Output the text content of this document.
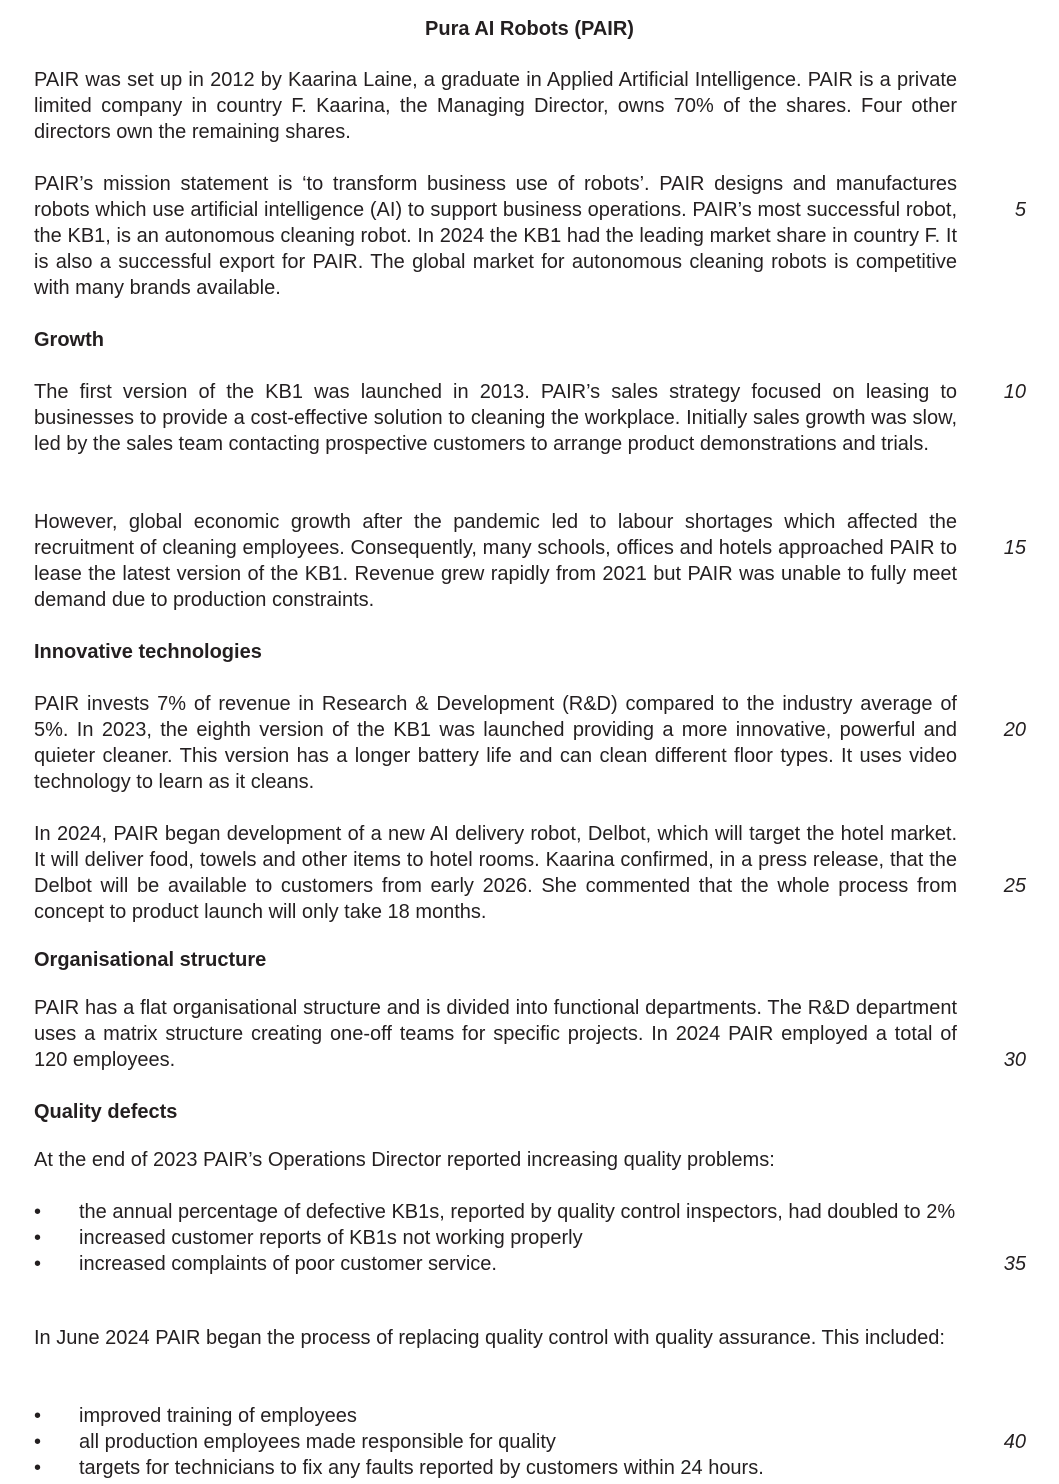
Pura AI Robots (PAIR)

PAIR was set up in 2012 by Kaarina Laine, a graduate in Applied Artificial Intelligence. PAIR is a private limited company in country F. Kaarina, the Managing Director, owns 70% of the shares. Four other directors own the remaining shares.

PAIR’s mission statement is ‘to transform business use of robots’. PAIR designs and manufactures robots which use artificial intelligence (AI) to support business operations. PAIR’s most successful robot, the KB1, is an autonomous cleaning robot. In 2024 the KB1 had the leading market share in country F. It is also a successful export for PAIR. The global market for autonomous cleaning robots is competitive with many brands available.

5
Growth

The first version of the KB1 was launched in 2013. PAIR’s sales strategy focused on leasing to businesses to provide a cost-effective solution to cleaning the workplace. Initially sales growth was slow, led by the sales team contacting prospective customers to arrange product demonstrations and trials.

10

However, global economic growth after the pandemic led to labour shortages which affected the recruitment of cleaning employees. Consequently, many schools, offices and hotels approached PAIR to lease the latest version of the KB1. Revenue grew rapidly from 2021 but PAIR was unable to fully meet demand due to production constraints.

15
Innovative technologies

PAIR invests 7% of revenue in Research & Development (R&D) compared to the industry average of 5%. In 2023, the eighth version of the KB1 was launched providing a more innovative, powerful and quieter cleaner. This version has a longer battery life and can clean different floor types. It uses video technology to learn as it cleans.

20

In 2024, PAIR began development of a new AI delivery robot, Delbot, which will target the hotel market. It will deliver food, towels and other items to hotel rooms. Kaarina confirmed, in a press release, that the Delbot will be available to customers from early 2026. She commented that the whole process from concept to product launch will only take 18 months.

25
Organisational structure

PAIR has a flat organisational structure and is divided into functional departments. The R&D department uses a matrix structure creating one-off teams for specific projects. In 2024 PAIR employed a total of 120 employees.	30
Quality defects

At the end of 2023 PAIR’s Operations Director reported increasing quality problems:

• the annual percentage of defective KB1s, reported by quality control inspectors, had doubled to 2%
• increased customer reports of KB1s not working properly
• increased complaints of poor customer service.	35

In June 2024 PAIR began the process of replacing quality control with quality assurance. This included:

• improved training of employees
• all production employees made responsible for quality
• targets for technicians to fix any faults reported by customers within 24 hours.
40
